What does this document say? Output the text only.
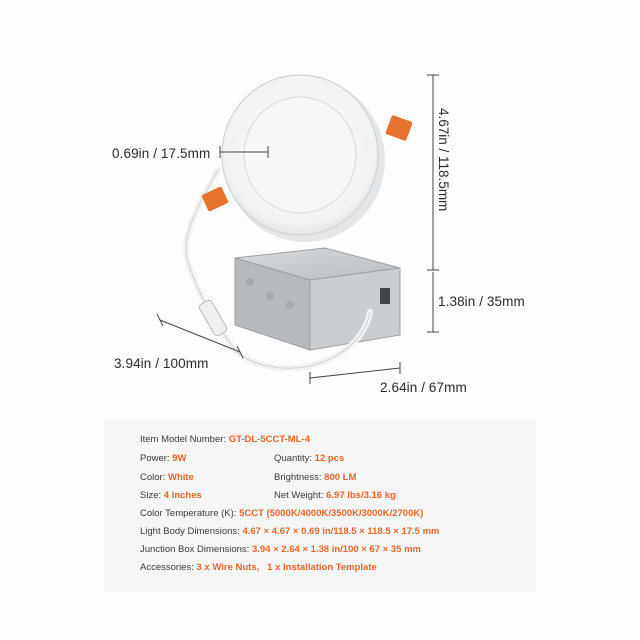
0.69in / 17.5mm	4.67in / 118.5mm
1.38in / 35mm
3.94in / 100mm
2.64in / 67mm
Item Model Number: GT-DL-5CCT-ML-4
Power: 9W	Quantity: 12 pcs
Color: White	Brightness: 800 LM
Size: 4 Inches	Net Weight: 6.97 lbs/3.16 kg
Color Temperature (K): 5CCT (5000K/4000K/3500K/3000K/2700K)
Light Body Dimensions: 4.67 × 4.67 × 0.69 in/118.5 × 118.5 × 17.5 mm
Junction Box Dimensions: 3.94 × 2.64 × 1.38 in/100 × 67 × 35 mm
Accessories: 3 x Wire Nuts,   1 x Installation Template
